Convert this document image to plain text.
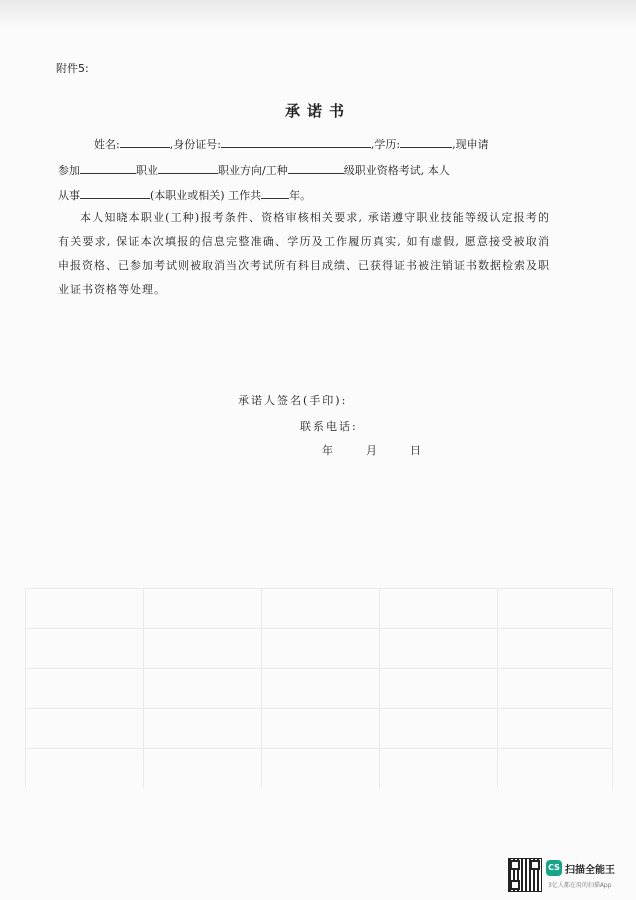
附件5:
承诺书
姓名:	,身份证号:	,学历:	,现申请
参加	职业	职业方向/工种	级职业资格考试, 本人
从事	(本职业或相关) 工作共	年。
本人知晓本职业(工种)报考条件、资格审核相关要求, 承诺遵守职业技能等级认定报考的有关要求, 保证本次填报的信息完整准确、学历及工作履历真实, 如有虚假, 愿意接受被取消申报资格、已参加考试则被取消当次考试所有科目成绩、已获得证书被注销证书数据检索及职业证书资格等处理。
承诺人签名(手印):
联系电话:
年	月	日
CS 扫描全能王
3亿人都在用的扫描App
